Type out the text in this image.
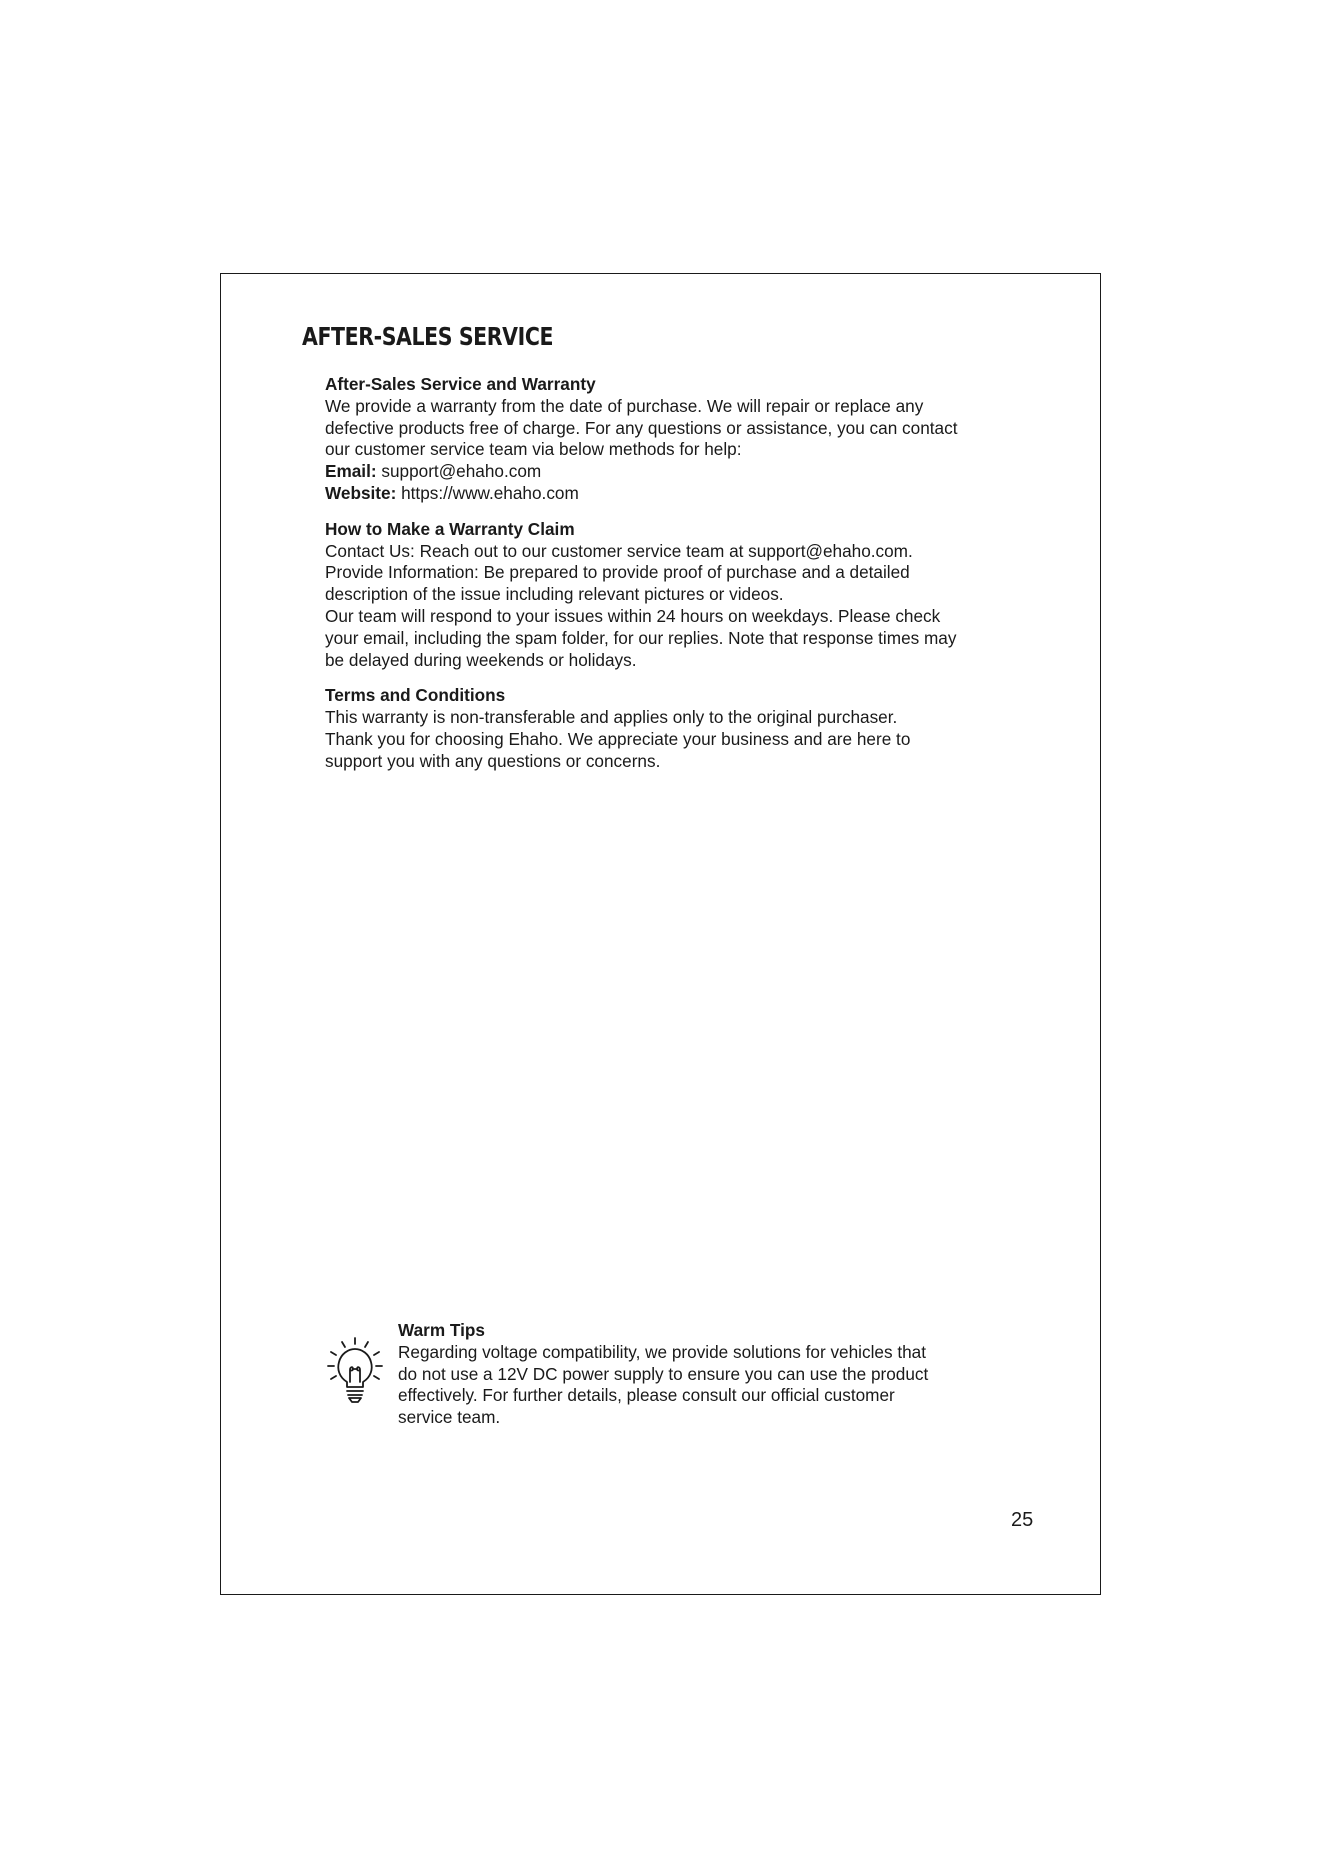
AFTER-SALES SERVICE

After-Sales Service and Warranty

We provide a warranty from the date of purchase. We will repair or replace any defective products free of charge. For any questions or assistance, you can contact our customer service team via below methods for help:

Email: support@ehaho.com

Website: https://www.ehaho.com

How to Make a Warranty Claim

Contact Us: Reach out to our customer service team at support@ehaho.com.

Provide Information: Be prepared to provide proof of purchase and a detailed description of the issue including relevant pictures or videos.

Our team will respond to your issues within 24 hours on weekdays. Please check your email, including the spam folder, for our replies. Note that response times may be delayed during weekends or holidays.

Terms and Conditions

This warranty is non-transferable and applies only to the original purchaser.

Thank you for choosing Ehaho. We appreciate your business and are here to support you with any questions or concerns.

Warm Tips

Regarding voltage compatibility, we provide solutions for vehicles that do not use a 12V DC power supply to ensure you can use the product effectively. For further details, please consult our official customer service team.

25
